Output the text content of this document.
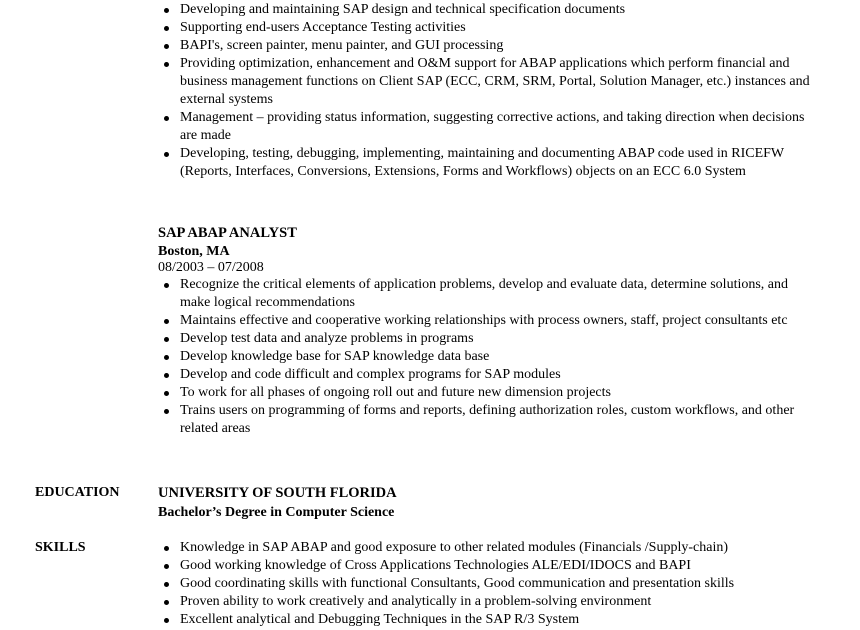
Developing and maintaining SAP design and technical specification documents
Supporting end-users Acceptance Testing activities
BAPI's, screen painter, menu painter, and GUI processing
Providing optimization, enhancement and O&M support for ABAP applications which perform financial and business management functions on Client SAP (ECC, CRM, SRM, Portal, Solution Manager, etc.) instances and external systems
Management – providing status information, suggesting corrective actions, and taking direction when decisions are made
Developing, testing, debugging, implementing, maintaining and documenting ABAP code used in RICEFW (Reports, Interfaces, Conversions, Extensions, Forms and Workflows) objects on an ECC 6.0 System
SAP ABAP ANALYST
Boston, MA
08/2003 – 07/2008
Recognize the critical elements of application problems, develop and evaluate data, determine solutions, and make logical recommendations
Maintains effective and cooperative working relationships with process owners, staff, project consultants etc
Develop test data and analyze problems in programs
Develop knowledge base for SAP knowledge data base
Develop and code difficult and complex programs for SAP modules
To work for all phases of ongoing roll out and future new dimension projects
Trains users on programming of forms and reports, defining authorization roles, custom workflows, and other related areas
EDUCATION	UNIVERSITY OF SOUTH FLORIDA
Bachelor’s Degree in Computer Science
SKILLS	Knowledge in SAP ABAP and good exposure to other related modules (Financials /Supply-chain)
Good working knowledge of Cross Applications Technologies ALE/EDI/IDOCS and BAPI
Good coordinating skills with functional Consultants, Good communication and presentation skills
Proven ability to work creatively and analytically in a problem-solving environment
Excellent analytical and Debugging Techniques in the SAP R/3 System
